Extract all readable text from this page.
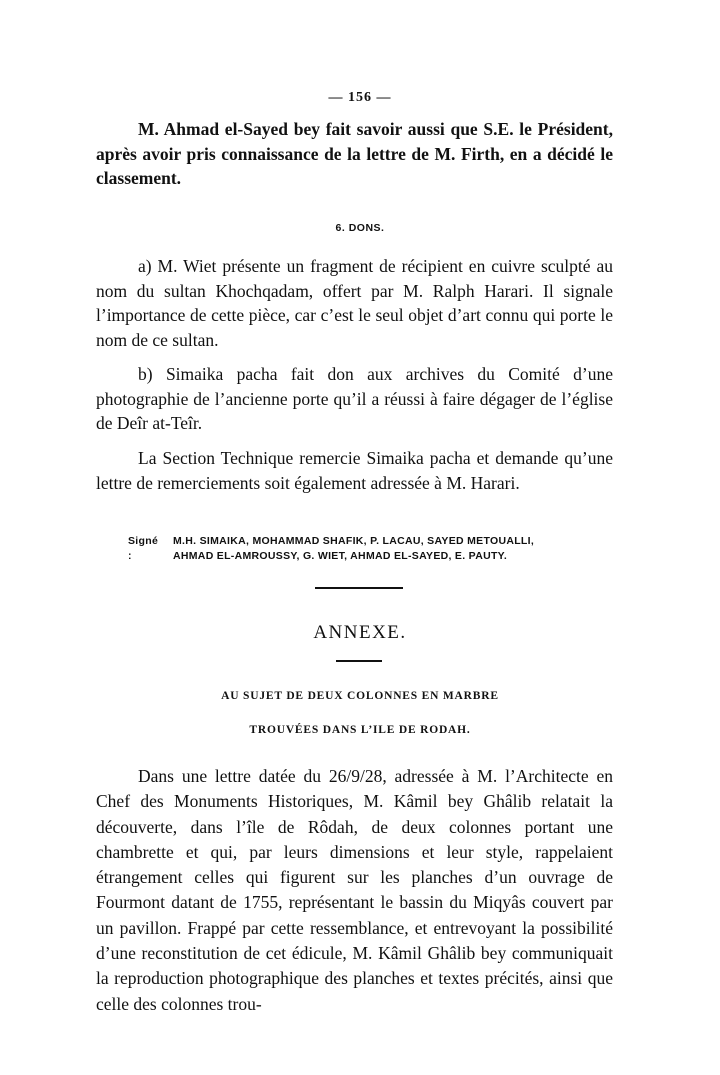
— 156 —

M. Ahmad el-Sayed bey fait savoir aussi que S.E. le Président, après avoir pris connaissance de la lettre de M. Firth, en a décidé le classement.

6. DONS.

a) M. Wiet présente un fragment de récipient en cuivre sculpté au nom du sultan Khochqadam, offert par M. Ralph Harari. Il signale l’importance de cette pièce, car c’est le seul objet d’art connu qui porte le nom de ce sultan.

b) Simaika pacha fait don aux archives du Comité d’une photographie de l’ancienne porte qu’il a réussi à faire dégager de l’église de Deîr at-Teîr.

La Section Technique remercie Simaika pacha et demande qu’une lettre de remerciements soit également adressée à M. Harari.

Signé :
M.H. SIMAIKA, MOHAMMAD SHAFIK, P. LACAU, SAYED METOUALLI,
AHMAD EL-AMROUSSY, G. WIET, AHMAD EL-SAYED, E. PAUTY.
ANNEXE.
AU SUJET DE DEUX COLONNES EN MARBRE
TROUVÉES DANS L’ILE DE RODAH.

Dans une lettre datée du 26/9/28, adressée à M. l’Architecte en Chef des Monuments Historiques, M. Kâmil bey Ghâlib relatait la découverte, dans l’île de Rôdah, de deux colonnes portant une chambrette et qui, par leurs dimensions et leur style, rappelaient étrangement celles qui figurent sur les planches d’un ouvrage de Fourmont datant de 1755, représentant le bassin du Miqyâs couvert par un pavillon. Frappé par cette ressemblance, et entrevoyant la possibilité d’une reconstitution de cet édicule, M. Kâmil Ghâlib bey communiquait la reproduction photographique des planches et textes précités, ainsi que celle des colonnes trou-
